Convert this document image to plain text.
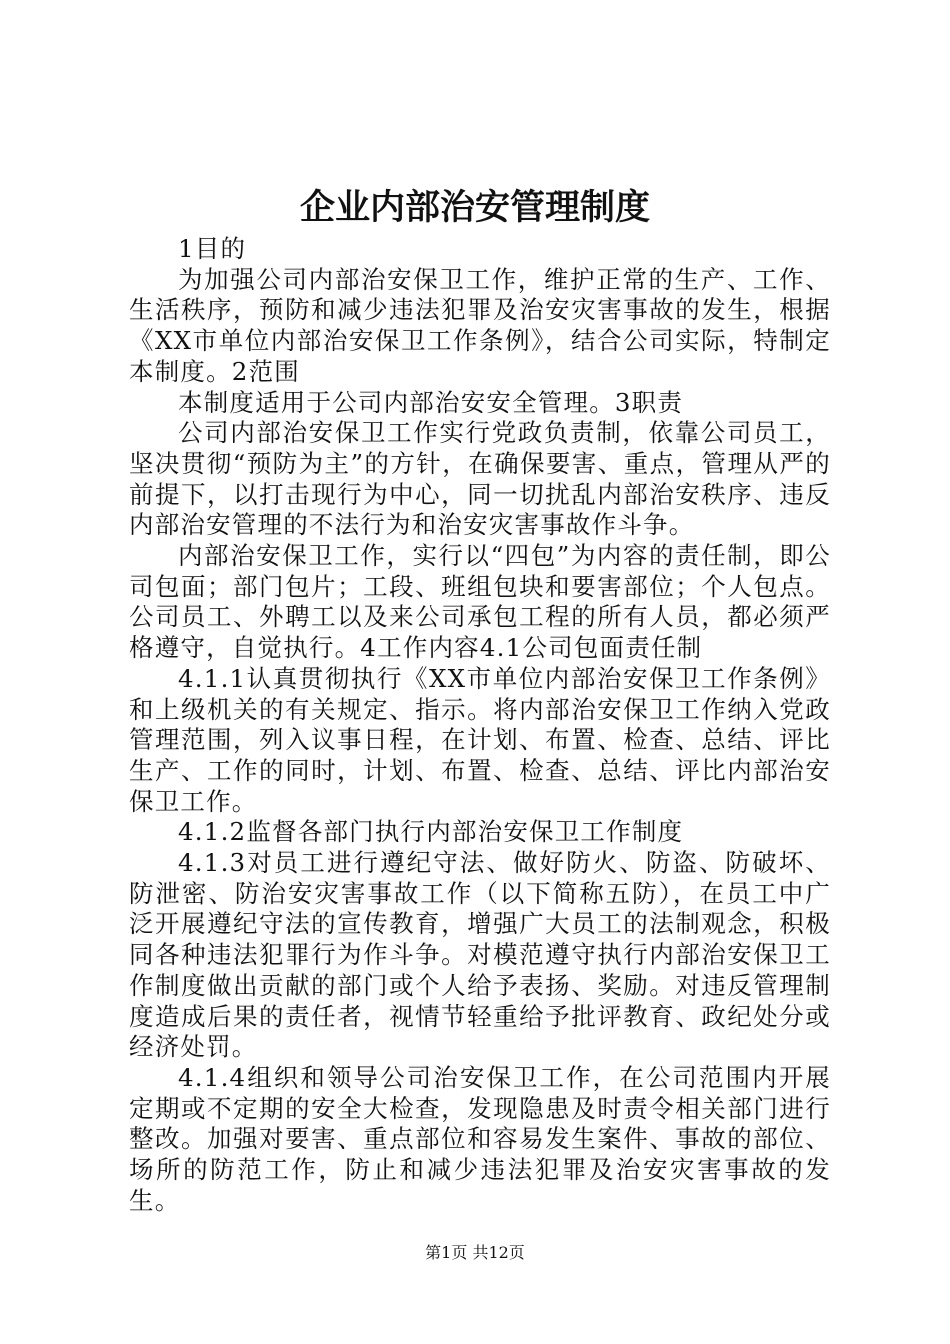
企业内部治安管理制度

1目的

为加强公司内部治安保卫工作，维护正常的生产、工作、生活秩序，预防和减少违法犯罪及治安灾害事故的发生，根据《XX市单位内部治安保卫工作条例》，结合公司实际，特制定本制度。2范围

本制度适用于公司内部治安安全管理。3职责

公司内部治安保卫工作实行党政负责制，依靠公司员工，坚决贯彻“预防为主”的方针，在确保要害、重点，管理从严的前提下，以打击现行为中心，同一切扰乱内部治安秩序、违反内部治安管理的不法行为和治安灾害事故作斗争。

内部治安保卫工作，实行以“四包”为内容的责任制，即公司包面；部门包片；工段、班组包块和要害部位；个人包点。公司员工、外聘工以及来公司承包工程的所有人员，都必须严格遵守，自觉执行。4工作内容4.1公司包面责任制

4.1.1认真贯彻执行《XX市单位内部治安保卫工作条例》和上级机关的有关规定、指示。将内部治安保卫工作纳入党政管理范围，列入议事日程，在计划、布置、检查、总结、评比生产、工作的同时，计划、布置、检查、总结、评比内部治安保卫工作。

4.1.2监督各部门执行内部治安保卫工作制度

4.1.3对员工进行遵纪守法、做好防火、防盗、防破坏、防泄密、防治安灾害事故工作（以下简称五防），在员工中广泛开展遵纪守法的宣传教育，增强广大员工的法制观念，积极同各种违法犯罪行为作斗争。对模范遵守执行内部治安保卫工作制度做出贡献的部门或个人给予表扬、奖励。对违反管理制度造成后果的责任者，视情节轻重给予批评教育、政纪处分或经济处罚。

4.1.4组织和领导公司治安保卫工作，在公司范围内开展定期或不定期的安全大检查，发现隐患及时责令相关部门进行整改。加强对要害、重点部位和容易发生案件、事故的部位、场所的防范工作，防止和减少违法犯罪及治安灾害事故的发生。

第1页 共12页
